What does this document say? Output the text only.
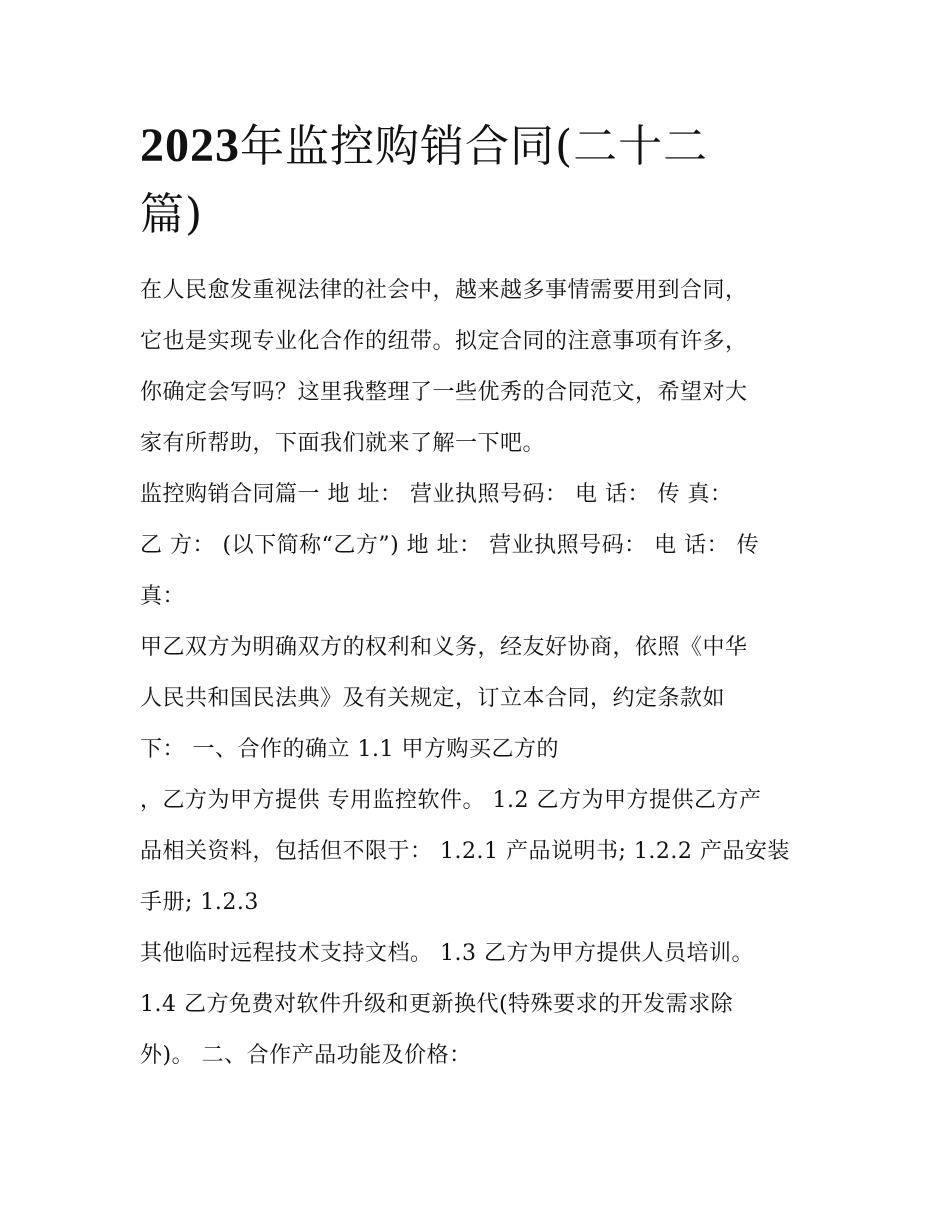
2023年监控购销合同(二十二
篇)

在人民愈发重视法律的社会中，越来越多事情需要用到合同，
它也是实现专业化合作的纽带。拟定合同的注意事项有许多，
你确定会写吗？这里我整理了一些优秀的合同范文，希望对大
家有所帮助，下面我们就来了解一下吧。

监控购销合同篇一 地 址： 营业执照号码： 电 话： 传 真：
乙 方： (以下简称“乙方”) 地 址： 营业执照号码： 电 话： 传
真：

甲乙双方为明确双方的权利和义务，经友好协商，依照《中华
人民共和国民法典》及有关规定，订立本合同，约定条款如
下： 一、合作的确立 1.1 甲方购买乙方的

，乙方为甲方提供 专用监控软件。 1.2 乙方为甲方提供乙方产
品相关资料，包括但不限于： 1.2.1 产品说明书; 1.2.2 产品安装
手册; 1.2.3

其他临时远程技术支持文档。 1.3 乙方为甲方提供人员培训。
1.4 乙方免费对软件升级和更新换代(特殊要求的开发需求除
外)。 二、合作产品功能及价格：
